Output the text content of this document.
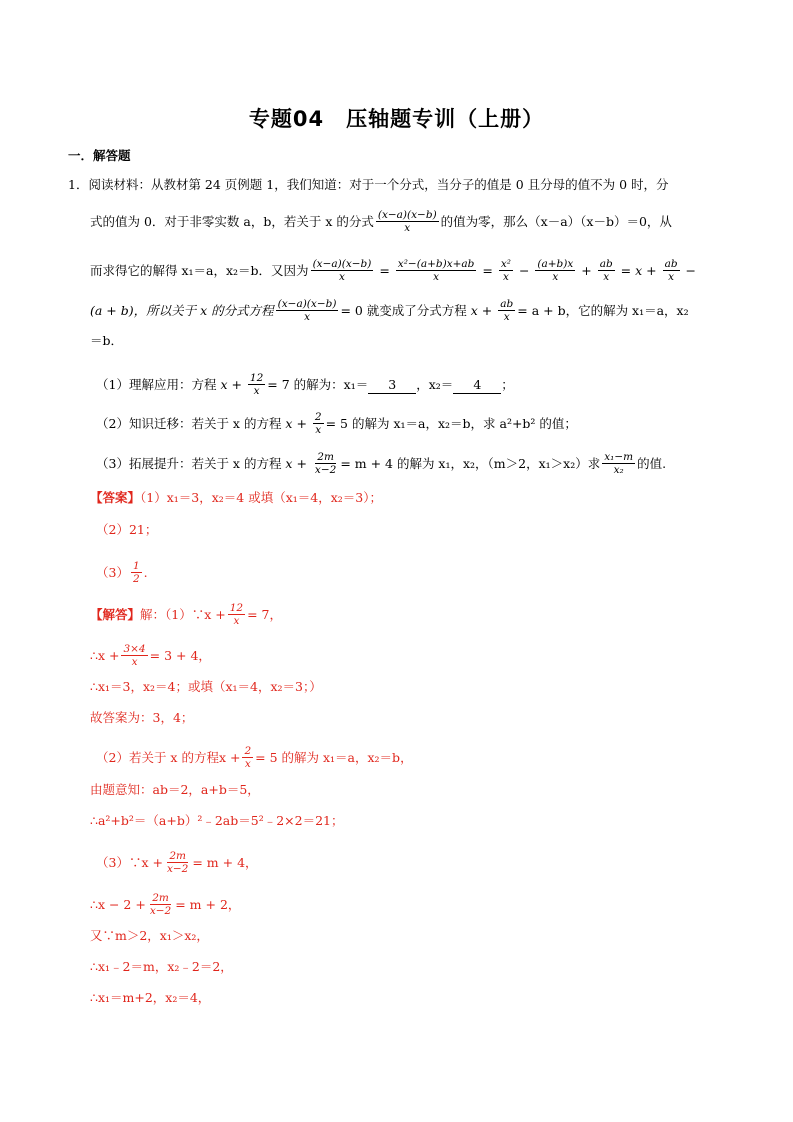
专题04　压轴题专训（上册）
一．解答题
1．阅读材料：从教材第 24 页例题 1，我们知道：对于一个分式，当分子的值是 0 且分母的值不为 0 时，分
式的值为 0．对于非零实数 a，b，若关于 x 的分式 $\frac{(x-a)(x-b)}{x}$ 的值为零，那么（x－a）（x－b）＝0，从
而求得它的解得 x₁＝a，x₂＝b．又因为 $\frac{(x-a)(x-b)}{x} = \frac{\text{x²−(a+b)x+ab}}{x} = \frac{\text{x²}}{x} - \frac{(a+b)x}{x} + \frac{ab}{x} = x + \frac{ab}{x}$ −
(a + b)，所以关于 x 的分式方程 $\frac{(x-a)(x-b)}{x} = 0$ 就变成了分式方程 $x + \frac{ab}{x} = a + b$，它的解为 x₁＝a，x₂
＝b．
（1）理解应用：方程 $x + \frac{12}{x} = 7$ 的解为：x₁＝ 3 ，x₂＝ 4 ；
（2）知识迁移：若关于 x 的方程 $x + \frac{2}{x} = 5$ 的解为 x₁＝a，x₂＝b，求 a²+b² 的值；
（3）拓展提升：若关于 x 的方程 $x + \frac{2m}{x-2} = m + 4$ 的解为 x₁，x₂，（m＞2，x₁＞x₂）求 $\frac{\text{x₁−m}}{\text{x₂}}$ 的值.
【答案】（1）x₁＝3，x₂＝4 或填（x₁＝4，x₂＝3）；
（2）21；
$(3) \frac{1}{2}$ .
【解答】解：（1）∵x + $\frac{12}{x} = 7$，
∴x + $\frac{3\times 4}{x} = 3 + 4$，
∴x₁＝3，x₂＝4；或填（x₁＝4，x₂＝3；）
故答案为：3，4；
（2）若关于 x 的方程$x + \frac{2}{x} = 5$ 的解为 x₁＝a，x₂＝b，
由题意知：ab＝2，a+b＝5，
∴a²+b²＝（a+b）²﹣2ab＝5²﹣2×2＝21；
（3）∵x + $\frac{2m}{x-2} = m + 4$，
∴x − $2 + \frac{2m}{x-2} = m + 2$，
又∵m＞2，x₁＞x₂，
∴x₁﹣2＝m，x₂﹣2＝2，
∴x₁＝m+2，x₂＝4，
